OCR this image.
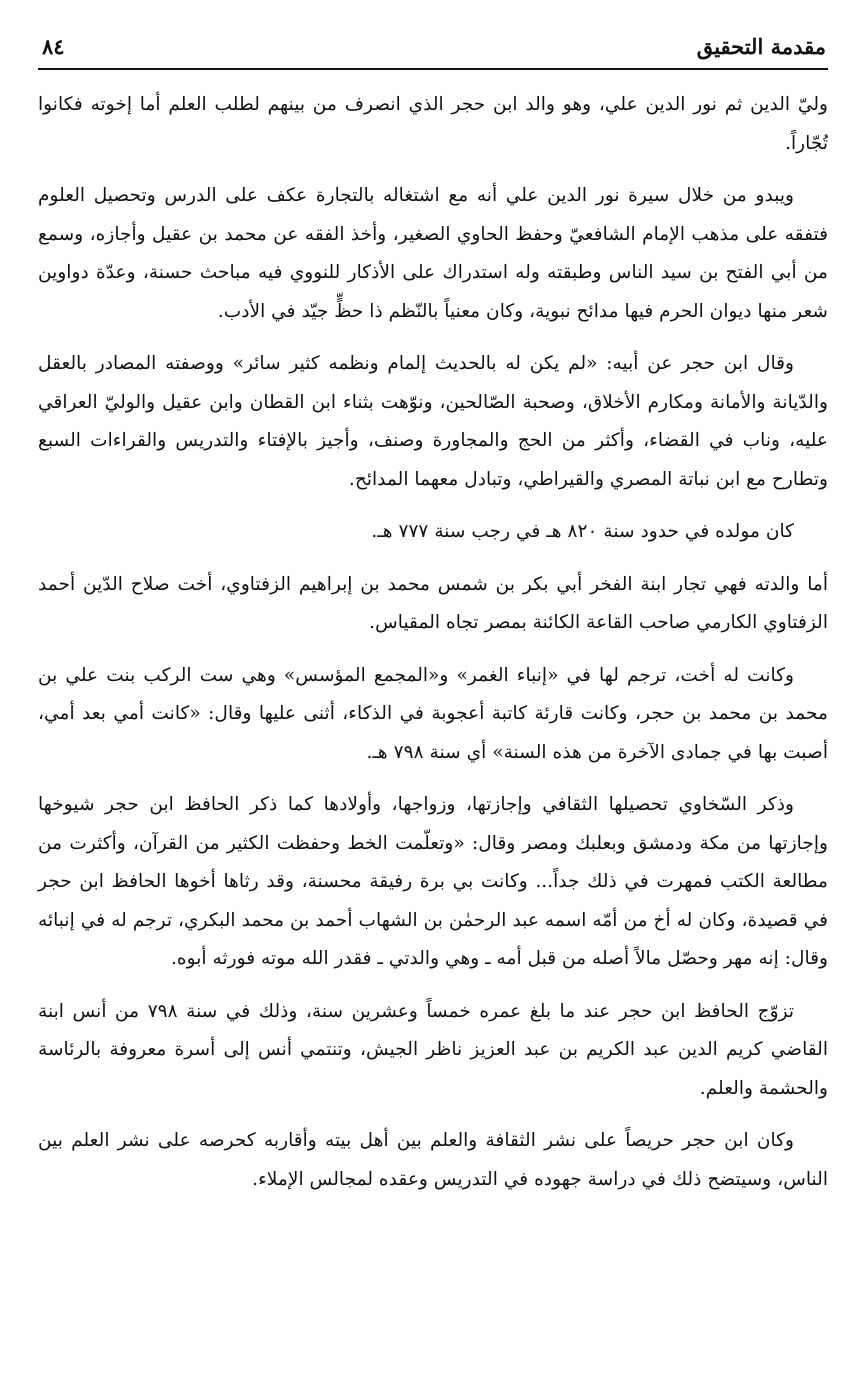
مقدمة التحقيق
٨٤

وليّ الدين ثم نور الدين علي، وهو والد ابن حجر الذي انصرف من بينهم لطلب العلم أما إخوته فكانوا تُجّاراً.

ويبدو من خلال سيرة نور الدين علي أنه مع اشتغاله بالتجارة عكف على الدرس وتحصيل العلوم فتفقه على مذهب الإمام الشافعيّ وحفظ الحاوي الصغير، وأخذ الفقه عن محمد بن عقيل وأجازه، وسمع من أبي الفتح بن سيد الناس وطبقته وله استدراك على الأذكار للنووي فيه مباحث حسنة، وعدّة دواوين شعر منها ديوان الحرم فيها مدائح نبوية، وكان معنياً بالنّظم ذا حظٍّ جيّد في الأدب.

وقال ابن حجر عن أبيه: «لم يكن له بالحديث إلمام ونظمه كثير سائر» ووصفته المصادر بالعقل والدّيانة والأمانة ومكارم الأخلاق، وصحبة الصّالحين، ونوّهت بثناء ابن القطان وابن عقيل والوليّ العراقي عليه، وناب في القضاء، وأكثر من الحج والمجاورة وصنف، وأجيز بالإفتاء والتدريس والقراءات السبع وتطارح مع ابن نباتة المصري والقيراطي، وتبادل معهما المدائح.

كان مولده في حدود سنة ٨٢٠ هـ في رجب سنة ٧٧٧ هـ.

أما والدته فهي تجار ابنة الفخر أبي بكر بن شمس محمد بن إبراهيم الزفتاوي، أخت صلاح الدّين أحمد الزفتاوي الكارمي صاحب القاعة الكائنة بمصر تجاه المقياس.

وكانت له أخت، ترجم لها في «إنباء الغمر» و«المجمع المؤسس» وهي ست الركب بنت علي بن محمد بن محمد بن حجر، وكانت قارئة كاتبة أعجوبة في الذكاء، أثنى عليها وقال: «كانت أمي بعد أمي، أصبت بها في جمادى الآخرة من هذه السنة» أي سنة ٧٩٨ هـ.

وذكر السّخاوي تحصيلها الثقافي وإجازتها، وزواجها، وأولادها كما ذكر الحافظ ابن حجر شيوخها وإجازتها من مكة ودمشق وبعلبك ومصر وقال: «وتعلّمت الخط وحفظت الكثير من القرآن، وأكثرت من مطالعة الكتب فمهرت في ذلك جداً... وكانت بي برة رفيقة محسنة، وقد رثاها أخوها الحافظ ابن حجر في قصيدة، وكان له أخ من أمّه اسمه عبد الرحمٰن بن الشهاب أحمد بن محمد البكري، ترجم له في إنبائه وقال: إنه مهر وحصّل مالاً أصله من قبل أمه ـ وهي والدتي ـ فقدر الله موته فورثه أبوه.

تزوّج الحافظ ابن حجر عند ما بلغ عمره خمساً وعشرين سنة، وذلك في سنة ٧٩٨ من أنس ابنة القاضي كريم الدين عبد الكريم بن عبد العزيز ناظر الجيش، وتنتمي أنس إلى أسرة معروفة بالرئاسة والحشمة والعلم.

وكان ابن حجر حريصاً على نشر الثقافة والعلم بين أهل بيته وأقاربه كحرصه على نشر العلم بين الناس، وسيتضح ذلك في دراسة جهوده في التدريس وعقده لمجالس الإملاء.
